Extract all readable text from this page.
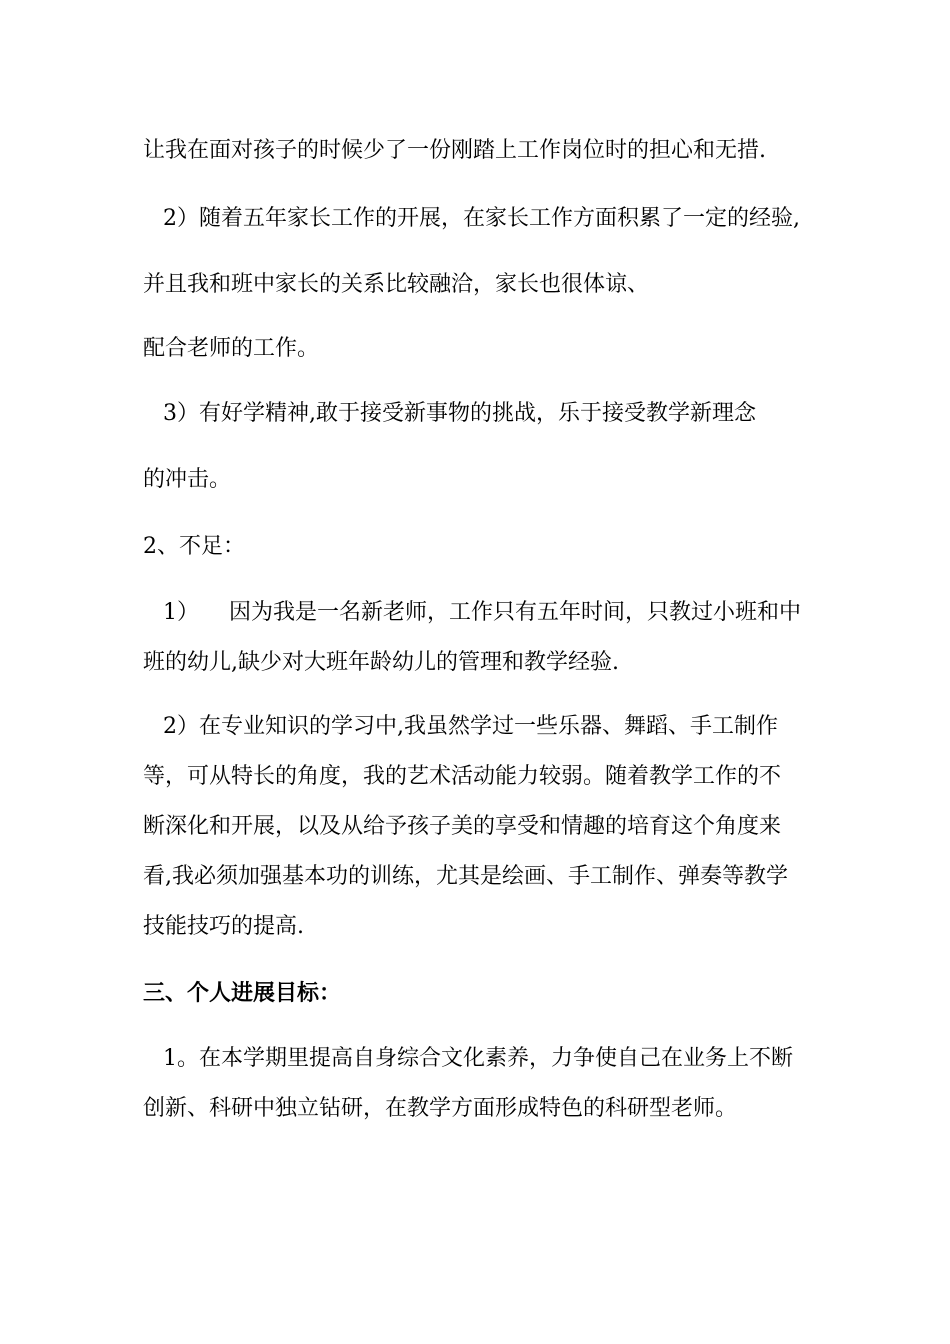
让我在面对孩子的时候少了一份刚踏上工作岗位时的担心和无措.
2）随着五年家长工作的开展，在家长工作方面积累了一定的经验,
并且我和班中家长的关系比较融洽，家长也很体谅、
配合老师的工作。
3）有好学精神,敢于接受新事物的挑战，乐于接受教学新理念
的冲击。
2、不足：
1） 因为我是一名新老师，工作只有五年时间，只教过小班和中
班的幼儿,缺少对大班年龄幼儿的管理和教学经验.
2）在专业知识的学习中,我虽然学过一些乐器、舞蹈、手工制作
等，可从特长的角度，我的艺术活动能力较弱。随着教学工作的不
断深化和开展，以及从给予孩子美的享受和情趣的培育这个角度来
看,我必须加强基本功的训练，尤其是绘画、手工制作、弹奏等教学
技能技巧的提高.
三、个人进展目标：
1。在本学期里提高自身综合文化素养，力争使自己在业务上不断
创新、科研中独立钻研，在教学方面形成特色的科研型老师。
